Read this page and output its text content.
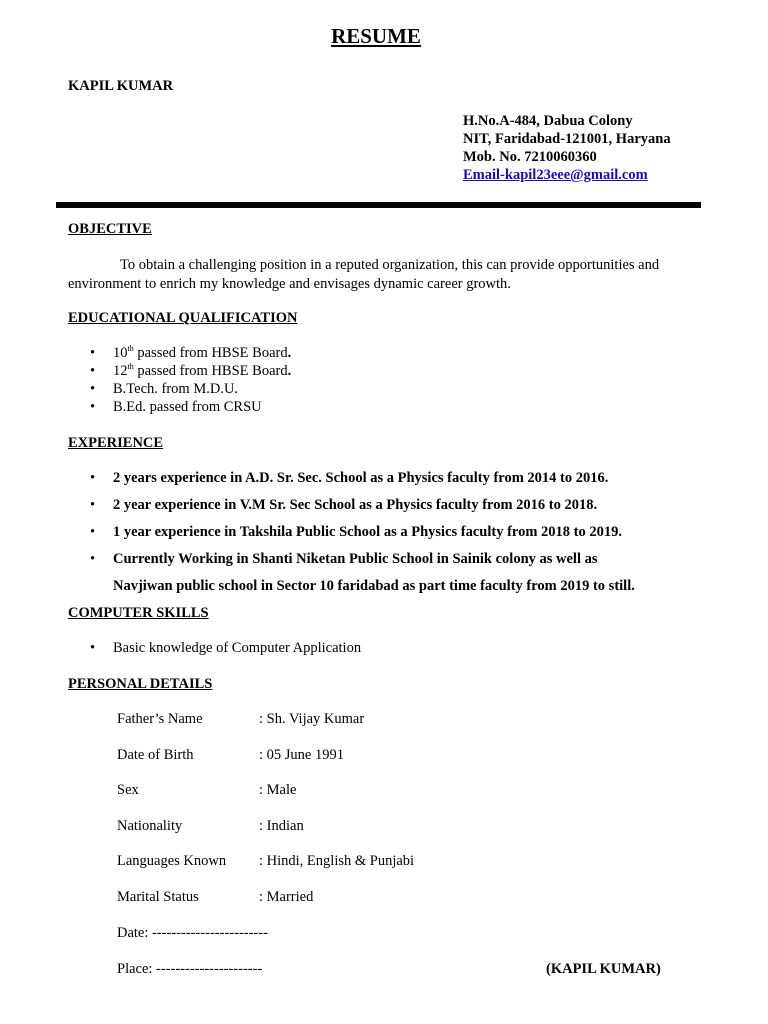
RESUME
KAPIL KUMAR
H.No.A-484, Dabua Colony
NIT, Faridabad-121001, Haryana
Mob. No. 7210060360
Email-kapil23eee@gmail.com
OBJECTIVE
To obtain a challenging position in a reputed organization, this can provide opportunities and environment to enrich my knowledge and envisages dynamic career growth.
EDUCATIONAL QUALIFICATION
• 10th passed from HBSE Board.
• 12th passed from HBSE Board.
• B.Tech. from M.D.U.
• B.Ed. passed from CRSU
EXPERIENCE
• 2 years experience in A.D. Sr. Sec. School as a Physics faculty from 2014 to 2016.
• 2 year experience in V.M Sr. Sec School as a Physics faculty from 2016 to 2018.
• 1 year experience in Takshila Public School as a Physics faculty from 2018 to 2019.
• Currently Working in Shanti Niketan Public School in Sainik colony as well as
Navjiwan public school in Sector 10 faridabad as part time faculty from 2019 to still.
COMPUTER SKILLS
• Basic knowledge of Computer Application
PERSONAL DETAILS
Father’s Name	: Sh. Vijay Kumar
Date of Birth	: 05 June 1991
Sex	: Male
Nationality	: Indian
Languages Known : Hindi, English & Punjabi
Marital Status	: Married
Date: ------------------------
Place: ----------------------	(KAPIL KUMAR)
